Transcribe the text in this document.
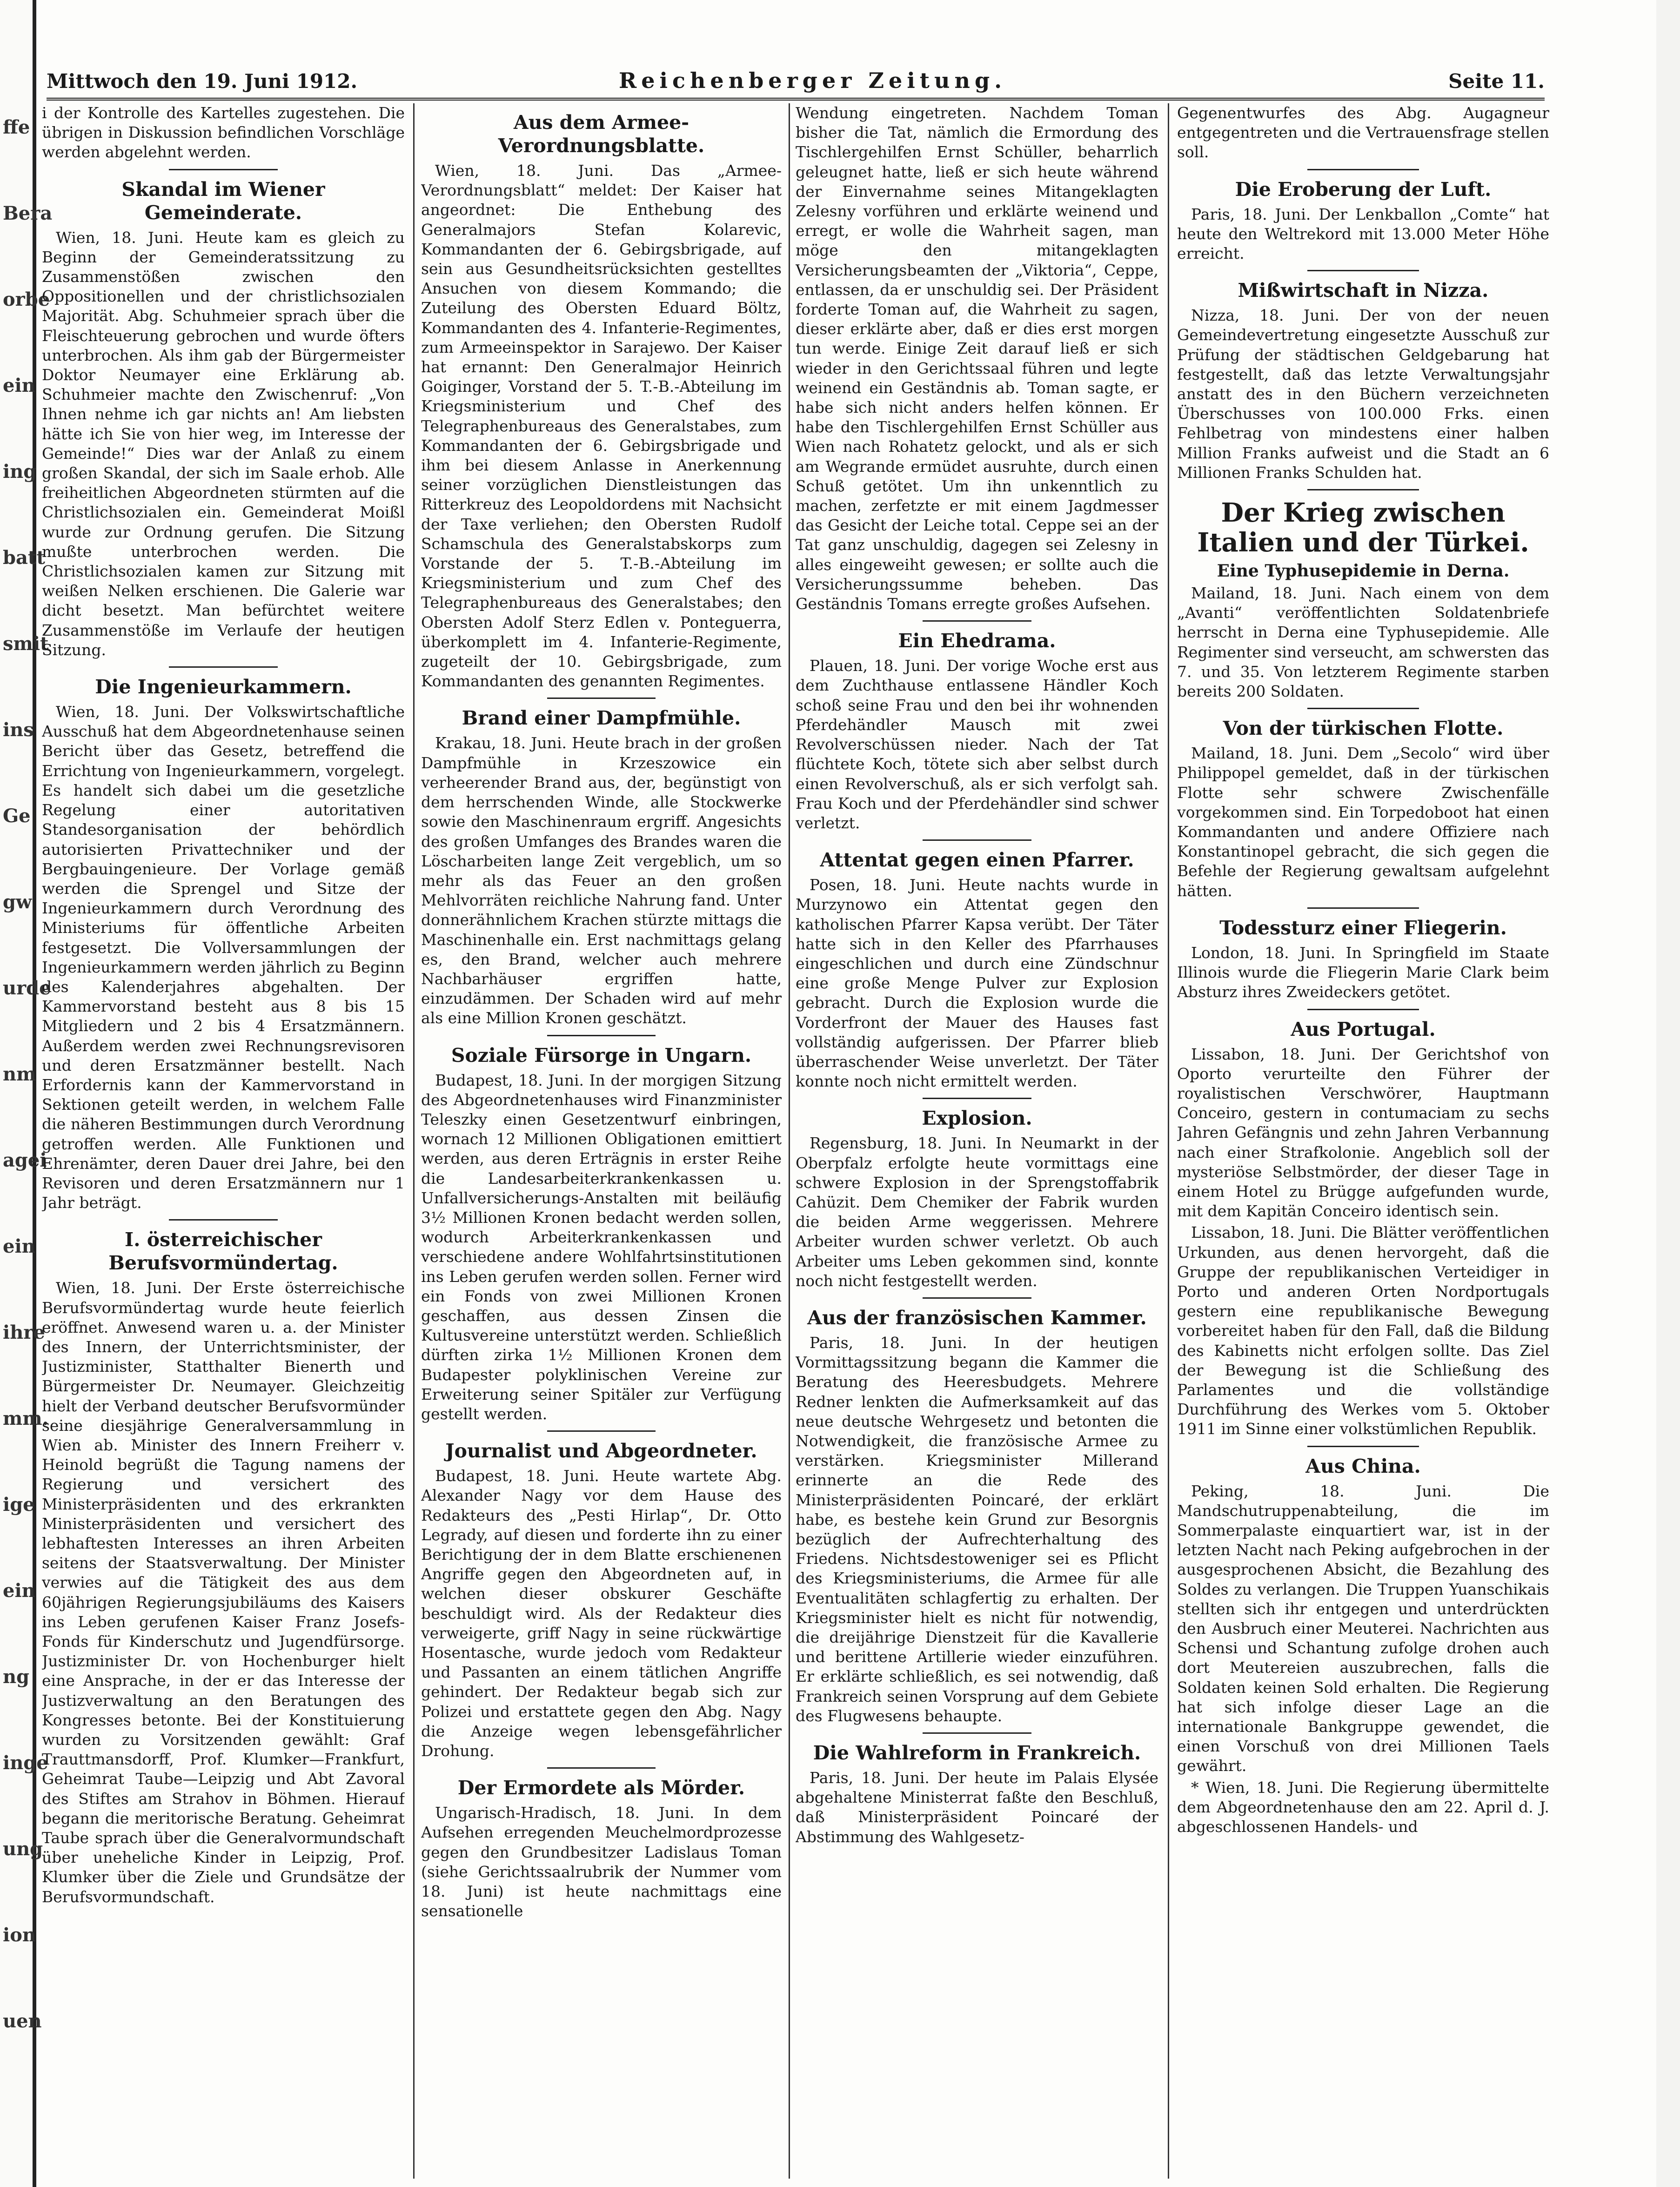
ffe
Bera
orbe
ein
ing
batt
smit
ins
Ge
gw
urde
nm
agei
ein
ihre
mm.
ige
ein
ng
inge
ung
ion
uen
Mittwoch den 19. Juni 1912.	Reichenberger Zeitung.	Seite 11.

i der Kontrolle des Kartelles zugestehen. Die übrigen in Diskussion befindlichen Vorschläge werden abgelehnt werden.

Skandal im Wiener Gemeinderate.

Wien, 18. Juni. Heute kam es gleich zu Beginn der Gemeinderatssitzung zu Zusammenstößen zwischen den Oppositionellen und der christlichsozialen Majorität. Abg. Schuhmeier sprach über die Fleischteuerung gebrochen und wurde öfters unterbrochen. Als ihm gab der Bürgermeister Doktor Neumayer eine Erklärung ab. Schuhmeier machte den Zwischenruf: „Von Ihnen nehme ich gar nichts an! Am liebsten hätte ich Sie von hier weg, im Interesse der Gemeinde!“ Dies war der Anlaß zu einem großen Skandal, der sich im Saale erhob. Alle freiheitlichen Abgeordneten stürmten auf die Christlichsozialen ein. Gemeinderat Moißl wurde zur Ordnung gerufen. Die Sitzung mußte unterbrochen werden. Die Christlichsozialen kamen zur Sitzung mit weißen Nelken erschienen. Die Galerie war dicht besetzt. Man befürchtet weitere Zusammenstöße im Verlaufe der heutigen Sitzung.

Die Ingenieurkammern.

Wien, 18. Juni. Der Volkswirtschaftliche Ausschuß hat dem Abgeordnetenhause seinen Bericht über das Gesetz, betreffend die Errichtung von Ingenieurkammern, vorgelegt. Es handelt sich dabei um die gesetzliche Regelung einer autoritativen Standesorganisation der behördlich autorisierten Privattechniker und der Bergbauingenieure. Der Vorlage gemäß werden die Sprengel und Sitze der Ingenieurkammern durch Verordnung des Ministeriums für öffentliche Arbeiten festgesetzt. Die Vollversammlungen der Ingenieurkammern werden jährlich zu Beginn des Kalenderjahres abgehalten. Der Kammervorstand besteht aus 8 bis 15 Mitgliedern und 2 bis 4 Ersatzmännern. Außerdem werden zwei Rechnungsrevisoren und deren Ersatzmänner bestellt. Nach Erfordernis kann der Kammervorstand in Sektionen geteilt werden, in welchem Falle die näheren Bestimmungen durch Verordnung getroffen werden. Alle Funktionen und Ehrenämter, deren Dauer drei Jahre, bei den Revisoren und deren Ersatzmännern nur 1 Jahr beträgt.

I. österreichischer Berufsvormündertag.

Wien, 18. Juni. Der Erste österreichische Berufsvormündertag wurde heute feierlich eröffnet. Anwesend waren u. a. der Minister des Innern, der Unterrichtsminister, der Justizminister, Statthalter Bienerth und Bürgermeister Dr. Neumayer. Gleichzeitig hielt der Verband deutscher Berufsvormünder seine diesjährige Generalversammlung in Wien ab. Minister des Innern Freiherr v. Heinold begrüßt die Tagung namens der Regierung und versichert des Ministerpräsidenten und des erkrankten Ministerpräsidenten und versichert des lebhaftesten Interesses an ihren Arbeiten seitens der Staatsverwaltung. Der Minister verwies auf die Tätigkeit des aus dem 60jährigen Regierungsjubiläums des Kaisers ins Leben gerufenen Kaiser Franz Josefs-Fonds für Kinderschutz und Jugendfürsorge. Justizminister Dr. von Hochenburger hielt eine Ansprache, in der er das Interesse der Justizverwaltung an den Beratungen des Kongresses betonte. Bei der Konstituierung wurden zu Vorsitzenden gewählt: Graf Trauttmansdorff, Prof. Klumker—Frankfurt, Geheimrat Taube—Leipzig und Abt Zavoral des Stiftes am Strahov in Böhmen. Hierauf begann die meritorische Beratung. Geheimrat Taube sprach über die Generalvormundschaft über uneheliche Kinder in Leipzig, Prof. Klumker über die Ziele und Grundsätze der Berufsvormundschaft.

Aus dem Armee-Verordnungsblatte.

Wien, 18. Juni. Das „Armee-Verordnungsblatt“ meldet: Der Kaiser hat angeordnet: Die Enthebung des Generalmajors Stefan Kolarevic, Kommandanten der 6. Gebirgsbrigade, auf sein aus Gesundheitsrücksichten gestelltes Ansuchen von diesem Kommando; die Zuteilung des Obersten Eduard Böltz, Kommandanten des 4. Infanterie-Regimentes, zum Armeeinspektor in Sarajewo. Der Kaiser hat ernannt: Den Generalmajor Heinrich Goiginger, Vorstand der 5. T.-B.-Abteilung im Kriegsministerium und Chef des Telegraphenbureaus des Generalstabes, zum Kommandanten der 6. Gebirgsbrigade und ihm bei diesem Anlasse in Anerkennung seiner vorzüglichen Dienstleistungen das Ritterkreuz des Leopoldordens mit Nachsicht der Taxe verliehen; den Obersten Rudolf Schamschula des Generalstabskorps zum Vorstande der 5. T.-B.-Abteilung im Kriegsministerium und zum Chef des Telegraphenbureaus des Generalstabes; den Obersten Adolf Sterz Edlen v. Ponteguerra, überkomplett im 4. Infanterie-Regimente, zugeteilt der 10. Gebirgsbrigade, zum Kommandanten des genannten Regimentes.

Brand einer Dampfmühle.

Krakau, 18. Juni. Heute brach in der großen Dampfmühle in Krzeszowice ein verheerender Brand aus, der, begünstigt von dem herrschenden Winde, alle Stockwerke sowie den Maschinenraum ergriff. Angesichts des großen Umfanges des Brandes waren die Löscharbeiten lange Zeit vergeblich, um so mehr als das Feuer an den großen Mehlvorräten reichliche Nahrung fand. Unter donnerähnlichem Krachen stürzte mittags die Maschinenhalle ein. Erst nachmittags gelang es, den Brand, welcher auch mehrere Nachbarhäuser ergriffen hatte, einzudämmen. Der Schaden wird auf mehr als eine Million Kronen geschätzt.

Soziale Fürsorge in Ungarn.

Budapest, 18. Juni. In der morgigen Sitzung des Abgeordnetenhauses wird Finanzminister Teleszky einen Gesetzentwurf einbringen, wornach 12 Millionen Obligationen emittiert werden, aus deren Erträgnis in erster Reihe die Landesarbeiterkrankenkassen u. Unfallversicherungs-Anstalten mit beiläufig 3½ Millionen Kronen bedacht werden sollen, wodurch Arbeiterkrankenkassen und verschiedene andere Wohlfahrtsinstitutionen ins Leben gerufen werden sollen. Ferner wird ein Fonds von zwei Millionen Kronen geschaffen, aus dessen Zinsen die Kultusvereine unterstützt werden. Schließlich dürften zirka 1½ Millionen Kronen dem Budapester polyklinischen Vereine zur Erweiterung seiner Spitäler zur Verfügung gestellt werden.

Journalist und Abgeordneter.

Budapest, 18. Juni. Heute wartete Abg. Alexander Nagy vor dem Hause des Redakteurs des „Pesti Hirlap“, Dr. Otto Legrady, auf diesen und forderte ihn zu einer Berichtigung der in dem Blatte erschienenen Angriffe gegen den Abgeordneten auf, in welchen dieser obskurer Geschäfte beschuldigt wird. Als der Redakteur dies verweigerte, griff Nagy in seine rückwärtige Hosentasche, wurde jedoch vom Redakteur und Passanten an einem tätlichen Angriffe gehindert. Der Redakteur begab sich zur Polizei und erstattete gegen den Abg. Nagy die Anzeige wegen lebensgefährlicher Drohung.

Der Ermordete als Mörder.

Ungarisch-Hradisch, 18. Juni. In dem Aufsehen erregenden Meuchelmordprozesse gegen den Grundbesitzer Ladislaus Toman (siehe Gerichtssaalrubrik der Nummer vom 18. Juni) ist heute nachmittags eine sensationelle

Wendung eingetreten. Nachdem Toman bisher die Tat, nämlich die Ermordung des Tischlergehilfen Ernst Schüller, beharrlich geleugnet hatte, ließ er sich heute während der Einvernahme seines Mitangeklagten Zelesny vorführen und erklärte weinend und erregt, er wolle die Wahrheit sagen, man möge den mitangeklagten Versicherungsbeamten der „Viktoria“, Ceppe, entlassen, da er unschuldig sei. Der Präsident forderte Toman auf, die Wahrheit zu sagen, dieser erklärte aber, daß er dies erst morgen tun werde. Einige Zeit darauf ließ er sich wieder in den Gerichtssaal führen und legte weinend ein Geständnis ab. Toman sagte, er habe sich nicht anders helfen können. Er habe den Tischlergehilfen Ernst Schüller aus Wien nach Rohatetz gelockt, und als er sich am Wegrande ermüdet ausruhte, durch einen Schuß getötet. Um ihn unkenntlich zu machen, zerfetzte er mit einem Jagdmesser das Gesicht der Leiche total. Ceppe sei an der Tat ganz unschuldig, dagegen sei Zelesny in alles eingeweiht gewesen; er sollte auch die Versicherungssumme beheben. Das Geständnis Tomans erregte großes Aufsehen.

Ein Ehedrama.

Plauen, 18. Juni. Der vorige Woche erst aus dem Zuchthause entlassene Händler Koch schoß seine Frau und den bei ihr wohnenden Pferdehändler Mausch mit zwei Revolverschüssen nieder. Nach der Tat flüchtete Koch, tötete sich aber selbst durch einen Revolverschuß, als er sich verfolgt sah. Frau Koch und der Pferdehändler sind schwer verletzt.

Attentat gegen einen Pfarrer.

Posen, 18. Juni. Heute nachts wurde in Murzynowo ein Attentat gegen den katholischen Pfarrer Kapsa verübt. Der Täter hatte sich in den Keller des Pfarrhauses eingeschlichen und durch eine Zündschnur eine große Menge Pulver zur Explosion gebracht. Durch die Explosion wurde die Vorderfront der Mauer des Hauses fast vollständig aufgerissen. Der Pfarrer blieb überraschender Weise unverletzt. Der Täter konnte noch nicht ermittelt werden.

Explosion.

Regensburg, 18. Juni. In Neumarkt in der Oberpfalz erfolgte heute vormittags eine schwere Explosion in der Sprengstoffabrik Cahüzit. Dem Chemiker der Fabrik wurden die beiden Arme weggerissen. Mehrere Arbeiter wurden schwer verletzt. Ob auch Arbeiter ums Leben gekommen sind, konnte noch nicht festgestellt werden.

Aus der französischen Kammer.

Paris, 18. Juni. In der heutigen Vormittagssitzung begann die Kammer die Beratung des Heeresbudgets. Mehrere Redner lenkten die Aufmerksamkeit auf das neue deutsche Wehrgesetz und betonten die Notwendigkeit, die französische Armee zu verstärken. Kriegsminister Millerand erinnerte an die Rede des Ministerpräsidenten Poincaré, der erklärt habe, es bestehe kein Grund zur Besorgnis bezüglich der Aufrechterhaltung des Friedens. Nichtsdestoweniger sei es Pflicht des Kriegsministeriums, die Armee für alle Eventualitäten schlagfertig zu erhalten. Der Kriegsminister hielt es nicht für notwendig, die dreijährige Dienstzeit für die Kavallerie und berittene Artillerie wieder einzuführen. Er erklärte schließlich, es sei notwendig, daß Frankreich seinen Vorsprung auf dem Gebiete des Flugwesens behaupte.

Die Wahlreform in Frankreich.

Paris, 18. Juni. Der heute im Palais Elysée abgehaltene Ministerrat faßte den Beschluß, daß Ministerpräsident Poincaré der Abstimmung des Wahlgesetz-

Gegenentwurfes des Abg. Augagneur entgegentreten und die Vertrauensfrage stellen soll.

Die Eroberung der Luft.

Paris, 18. Juni. Der Lenkballon „Comte“ hat heute den Weltrekord mit 13.000 Meter Höhe erreicht.

Mißwirtschaft in Nizza.

Nizza, 18. Juni. Der von der neuen Gemeindevertretung eingesetzte Ausschuß zur Prüfung der städtischen Geldgebarung hat festgestellt, daß das letzte Verwaltungsjahr anstatt des in den Büchern verzeichneten Überschusses von 100.000 Frks. einen Fehlbetrag von mindestens einer halben Million Franks aufweist und die Stadt an 6 Millionen Franks Schulden hat.

Der Krieg zwischen Italien und der Türkei.
Eine Typhusepidemie in Derna.

Mailand, 18. Juni. Nach einem von dem „Avanti“ veröffentlichten Soldatenbriefe herrscht in Derna eine Typhusepidemie. Alle Regimenter sind verseucht, am schwersten das 7. und 35. Von letzterem Regimente starben bereits 200 Soldaten.

Von der türkischen Flotte.

Mailand, 18. Juni. Dem „Secolo“ wird über Philippopel gemeldet, daß in der türkischen Flotte sehr schwere Zwischenfälle vorgekommen sind. Ein Torpedoboot hat einen Kommandanten und andere Offiziere nach Konstantinopel gebracht, die sich gegen die Befehle der Regierung gewaltsam aufgelehnt hätten.

Todessturz einer Fliegerin.

London, 18. Juni. In Springfield im Staate Illinois wurde die Fliegerin Marie Clark beim Absturz ihres Zweideckers getötet.

Aus Portugal.

Lissabon, 18. Juni. Der Gerichtshof von Oporto verurteilte den Führer der royalistischen Verschwörer, Hauptmann Conceiro, gestern in contumaciam zu sechs Jahren Gefängnis und zehn Jahren Verbannung nach einer Strafkolonie. Angeblich soll der mysteriöse Selbstmörder, der dieser Tage in einem Hotel zu Brügge aufgefunden wurde, mit dem Kapitän Conceiro identisch sein.

Lissabon, 18. Juni. Die Blätter veröffentlichen Urkunden, aus denen hervorgeht, daß die Gruppe der republikanischen Verteidiger in Porto und anderen Orten Nordportugals gestern eine republikanische Bewegung vorbereitet haben für den Fall, daß die Bildung des Kabinetts nicht erfolgen sollte. Das Ziel der Bewegung ist die Schließung des Parlamentes und die vollständige Durchführung des Werkes vom 5. Oktober 1911 im Sinne einer volkstümlichen Republik.

Aus China.

Peking, 18. Juni. Die Mandschutruppenabteilung, die im Sommerpalaste einquartiert war, ist in der letzten Nacht nach Peking aufgebrochen in der ausgesprochenen Absicht, die Bezahlung des Soldes zu verlangen. Die Truppen Yuanschikais stellten sich ihr entgegen und unterdrückten den Ausbruch einer Meuterei. Nachrichten aus Schensi und Schantung zufolge drohen auch dort Meutereien auszubrechen, falls die Soldaten keinen Sold erhalten. Die Regierung hat sich infolge dieser Lage an die internationale Bankgruppe gewendet, die einen Vorschuß von drei Millionen Taels gewährt.

* Wien, 18. Juni. Die Regierung übermittelte dem Abgeordnetenhause den am 22. April d. J. abgeschlossenen Handels- und
